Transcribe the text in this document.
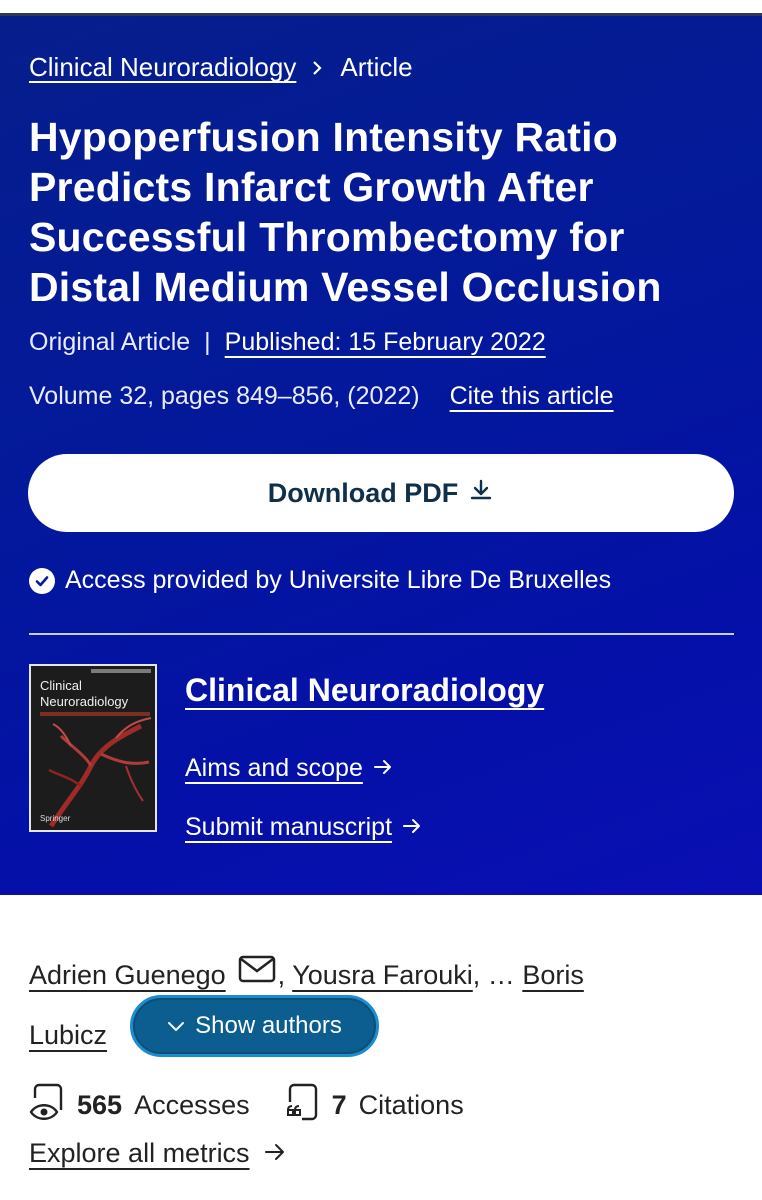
Clinical Neuroradiology Article
Hypoperfusion Intensity Ratio Predicts Infarct Growth After Successful Thrombectomy for Distal Medium Vessel Occlusion
Original Article | Published: 15 February 2022
Volume 32, pages 849–856, (2022) Cite this article
Download PDF
Access provided by Universite Libre De Bruxelles
Clinical Neuroradiology
Springer
Clinical Neuroradiology
Aims and scope
Submit manuscript
Adrien Guenego , Yousra Farouki, … Boris
Lubicz	Show authors
565 Accesses	7 Citations
Explore all metrics
